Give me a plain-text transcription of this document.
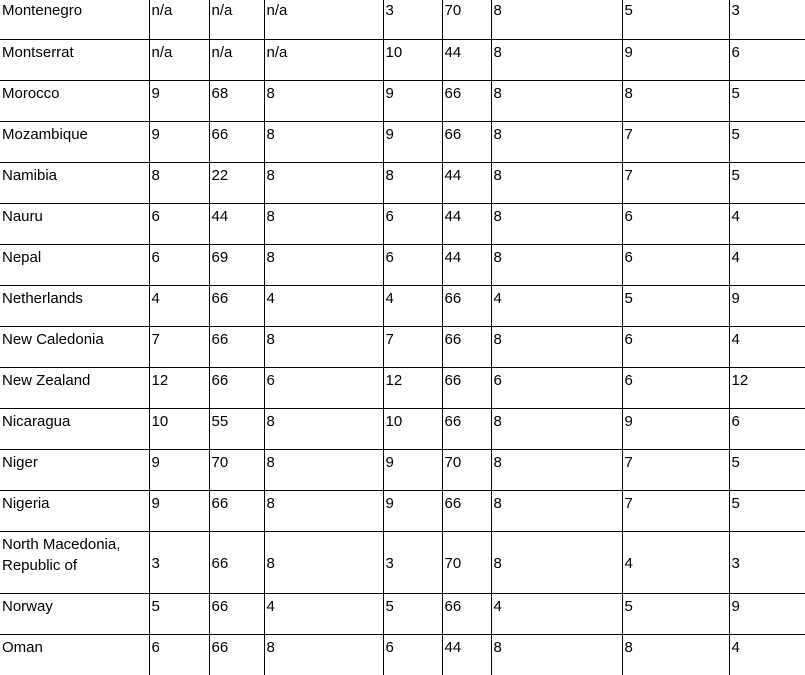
Montenegro	n/a	n/a	n/a	3	70	8	5	3
Montserrat	n/a	n/a	n/a	10	44	8	9	6
Morocco	9	68	8	9	66	8	8	5
Mozambique	9	66	8	9	66	8	7	5
Namibia	8	22	8	8	44	8	7	5
Nauru	6	44	8	6	44	8	6	4
Nepal	6	69	8	6	44	8	6	4
Netherlands	4	66	4	4	66	4	5	9
New Caledonia	7	66	8	7	66	8	6	4
New Zealand	12	66	6	12	66	6	6	12
Nicaragua	10	55	8	10	66	8	9	6
Niger	9	70	8	9	70	8	7	5
Nigeria	9	66	8	9	66	8	7	5
North Macedonia, Republic of	3	66	8	3	70	8	4	3
Norway	5	66	4	5	66	4	5	9
Oman	6	66	8	6	44	8	8	4
